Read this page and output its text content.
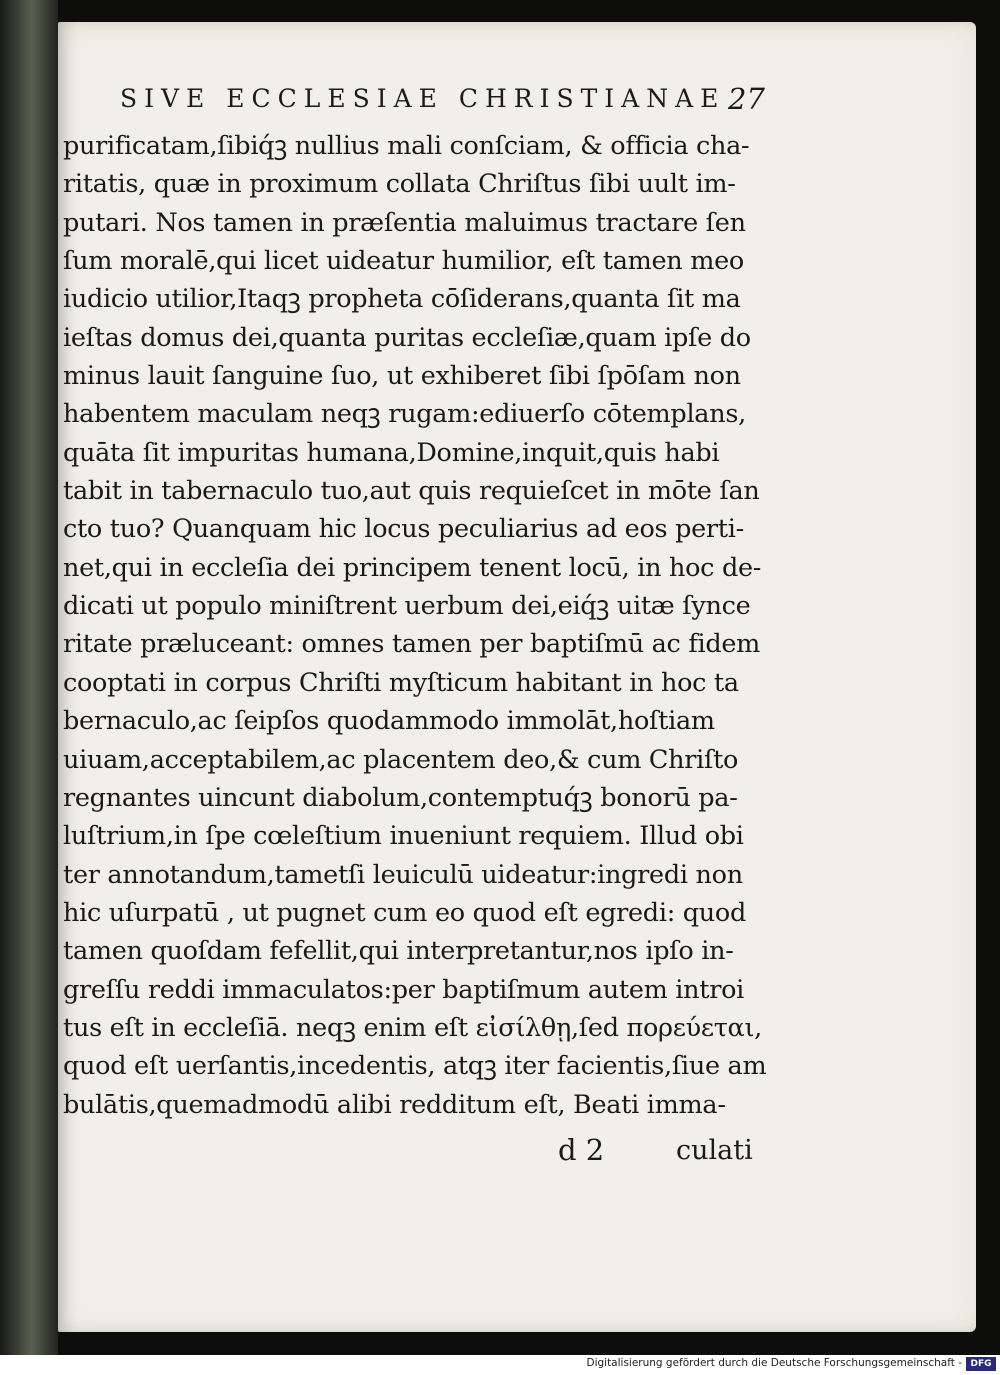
SIVE ECCLESIAE CHRISTIANAE 27
purificatam,ſibiq́ꝫ nullius mali conſciam, & officia cha-
ritatis, quæ in proximum collata Chriſtus ſibi uult im-
putari. Nos tamen in præſentia maluimus tractare ſen
ſum moralē,qui licet uideatur humilior, eſt tamen meo
iudicio utilior,Itaqꝫ propheta cōſiderans,quanta ſit ma
ieſtas domus dei,quanta puritas eccleſiæ,quam ipſe do
minus lauit ſanguine ſuo, ut exhiberet ſibi ſpōſam non
habentem maculam neqꝫ rugam:ediuerſo cōtemplans,
quāta ſit impuritas humana,Domine,inquit,quis habi
tabit in tabernaculo tuo,aut quis requieſcet in mōte ſan
cto tuo? Quanquam hic locus peculiarius ad eos perti-
net,qui in eccleſia dei principem tenent locū, in hoc de-
dicati ut populo miniſtrent uerbum dei,eiq́ꝫ uitæ ſynce
ritate præluceant: omnes tamen per baptiſmū ac fidem
cooptati in corpus Chriſti myſticum habitant in hoc ta
bernaculo,ac ſeipſos quodammodo immolāt,hoſtiam
uiuam,acceptabilem,ac placentem deo,& cum Chriſto
regnantes uincunt diabolum,contemptuq́ꝫ bonorū pa-
luſtrium,in ſpe cœleſtium inueniunt requiem. Illud obi
ter annotandum,tametſi leuiculū uideatur:ingredi non
hic uſurpatū , ut pugnet cum eo quod eſt egredi: quod
tamen quoſdam fefellit,qui interpretantur,nos ipſo in-
greſſu reddi immaculatos:per baptiſmum autem introi
tus eſt in eccleſiā. neqꝫ enim eſt εἰσίλθῃ,ſed πορεύεται,
quod eſt uerſantis,incedentis, atqꝫ iter facientis,ſiue am
bulātis,quemadmodū alibi redditum eſt, Beati imma-
d 2	culati
Digitalisierung gefördert durch die Deutsche Forschungsgemeinschaft - DFG
